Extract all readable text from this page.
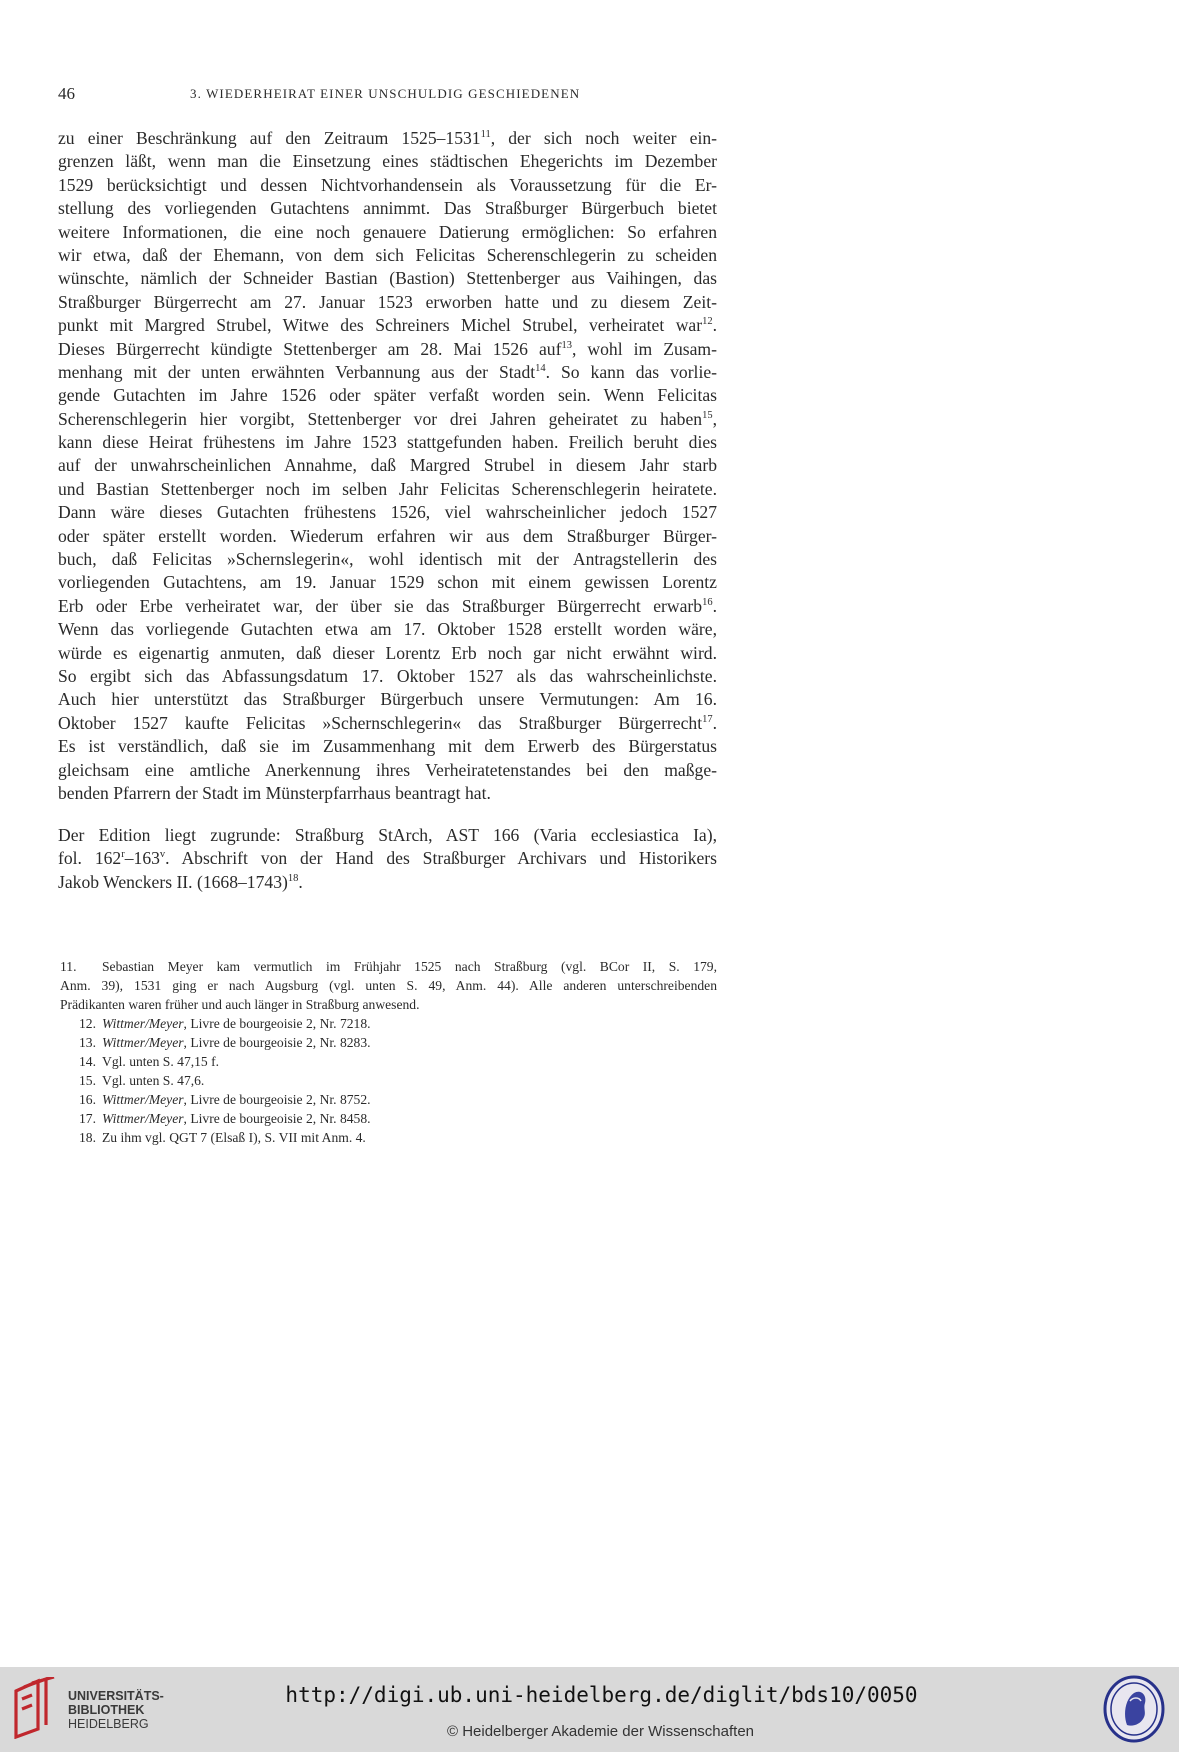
46	3. WIEDERHEIRAT EINER UNSCHULDIG GESCHIEDENEN
zu einer Beschränkung auf den Zeitraum 1525–1531$^{11}$, der sich noch weiter ein-
grenzen läßt, wenn man die Einsetzung eines städtischen Ehegerichts im Dezember
1529 berücksichtigt und dessen Nichtvorhandensein als Voraussetzung für die Er-
stellung des vorliegenden Gutachtens annimmt. Das Straßburger Bürgerbuch bietet
weitere Informationen, die eine noch genauere Datierung ermöglichen: So erfahren
wir etwa, daß der Ehemann, von dem sich Felicitas Scherenschlegerin zu scheiden
wünschte, nämlich der Schneider Bastian (Bastion) Stettenberger aus Vaihingen, das
Straßburger Bürgerrecht am 27. Januar 1523 erworben hatte und zu diesem Zeit-
punkt mit Margred Strubel, Witwe des Schreiners Michel Strubel, verheiratet war$^{12}$.
Dieses Bürgerrecht kündigte Stettenberger am 28. Mai 1526 auf$^{13}$, wohl im Zusam-
menhang mit der unten erwähnten Verbannung aus der Stadt$^{14}$. So kann das vorlie-
gende Gutachten im Jahre 1526 oder später verfaßt worden sein. Wenn Felicitas
Scherenschlegerin hier vorgibt, Stettenberger vor drei Jahren geheiratet zu haben$^{15}$,
kann diese Heirat frühestens im Jahre 1523 stattgefunden haben. Freilich beruht dies
auf der unwahrscheinlichen Annahme, daß Margred Strubel in diesem Jahr starb
und Bastian Stettenberger noch im selben Jahr Felicitas Scherenschlegerin heiratete.
Dann wäre dieses Gutachten frühestens 1526, viel wahrscheinlicher jedoch 1527
oder später erstellt worden. Wiederum erfahren wir aus dem Straßburger Bürger-
buch, daß Felicitas »Schernslegerin«, wohl identisch mit der Antragstellerin des
vorliegenden Gutachtens, am 19. Januar 1529 schon mit einem gewissen Lorentz
Erb oder Erbe verheiratet war, der über sie das Straßburger Bürgerrecht erwarb$^{16}$.
Wenn das vorliegende Gutachten etwa am 17. Oktober 1528 erstellt worden wäre,
würde es eigenartig anmuten, daß dieser Lorentz Erb noch gar nicht erwähnt wird.
So ergibt sich das Abfassungsdatum 17. Oktober 1527 als das wahrscheinlichste.
Auch hier unterstützt das Straßburger Bürgerbuch unsere Vermutungen: Am 16.
Oktober 1527 kaufte Felicitas »Schernschlegerin« das Straßburger Bürgerrecht$^{17}$.
Es ist verständlich, daß sie im Zusammenhang mit dem Erwerb des Bürgerstatus
gleichsam eine amtliche Anerkennung ihres Verheiratetenstandes bei den maßge-
benden Pfarrern der Stadt im Münsterpfarrhaus beantragt hat.
Der Edition liegt zugrunde: Straßburg StArch, AST 166 (Varia ecclesiastica Ia),
fol. 162$^r$–163$^v$. Abschrift von der Hand des Straßburger Archivars und Historikers
Jakob Wenckers II. (1668–1743)$^{18}$.
11. Sebastian Meyer kam vermutlich im Frühjahr 1525 nach Straßburg (vgl. BCor II, S. 179,
Anm. 39), 1531 ging er nach Augsburg (vgl. unten S. 49, Anm. 44). Alle anderen unterschreibenden
Prädikanten waren früher und auch länger in Straßburg anwesend.
12. Wittmer/Meyer, Livre de bourgeoisie 2, Nr. 7218.
13. Wittmer/Meyer, Livre de bourgeoisie 2, Nr. 8283.
14. Vgl. unten S. 47,15 f.
15. Vgl. unten S. 47,6.
16. Wittmer/Meyer, Livre de bourgeoisie 2, Nr. 8752.
17. Wittmer/Meyer, Livre de bourgeoisie 2, Nr. 8458.
18. Zu ihm vgl. QGT 7 (Elsaß I), S. VII mit Anm. 4.
UNIVERSITÄTS-
BIBLIOTHEK
HEIDELBERG
http://digi.ub.uni-heidelberg.de/diglit/bds10/0050
© Heidelberger Akademie der Wissenschaften
